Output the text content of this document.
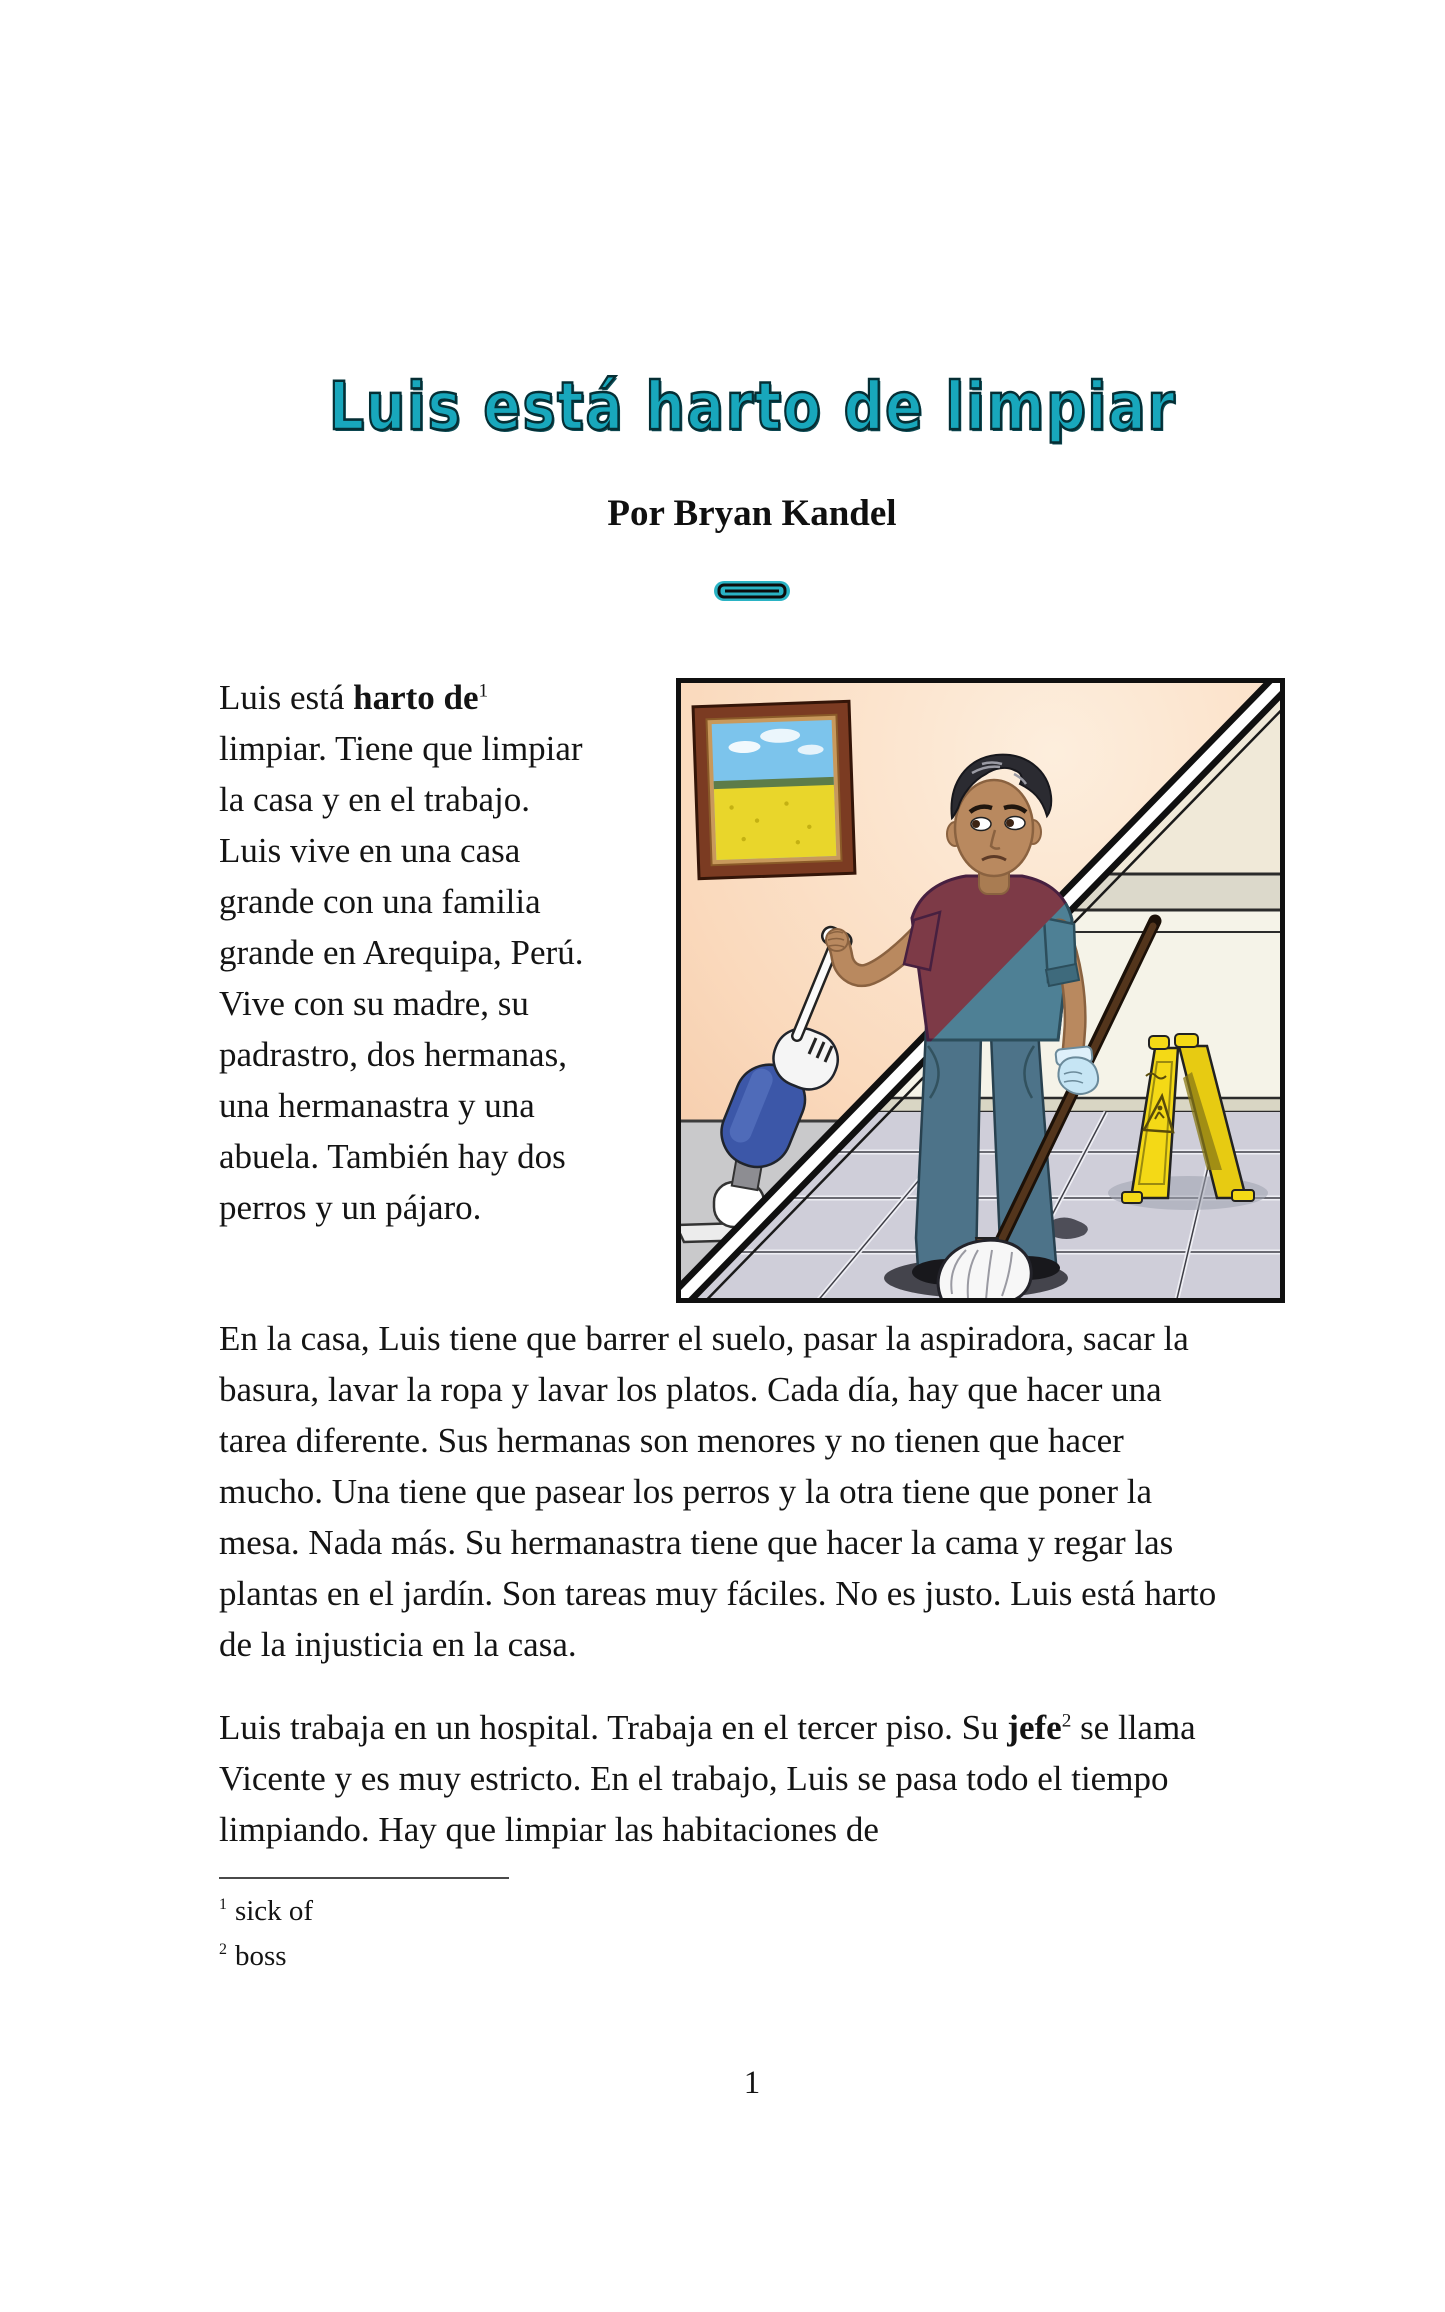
Luis está harto de limpiar
Por Bryan Kandel

Luis está harto $de^1$ limpiar. Tiene que limpiar la casa y en el trabajo. Luis vive en una casa grande con una familia grande en Arequipa, Perú. Vive con su madre, su padrastro, dos hermanas, una hermanastra y una abuela. También hay dos perros y un pájaro.

En la casa, Luis tiene que barrer el suelo, pasar la aspiradora, sacar la basura, lavar la ropa y lavar los platos. Cada día, hay que hacer una tarea diferente. Sus hermanas son menores y no tienen que hacer mucho. Una tiene que pasear los perros y la otra tiene que poner la mesa. Nada más. Su hermanastra tiene que hacer la cama y regar las plantas en el jardín. Son tareas muy fáciles. No es justo. Luis está harto de la injusticia en la casa.

Luis trabaja en un hospital. Trabaja en el tercer piso. Su jefe$^2$ se llama Vicente y es muy estricto. En el trabajo, Luis se pasa todo el tiempo limpiando. Hay que limpiar las habitaciones de

$^1$ sick of

$^2$ boss

1
